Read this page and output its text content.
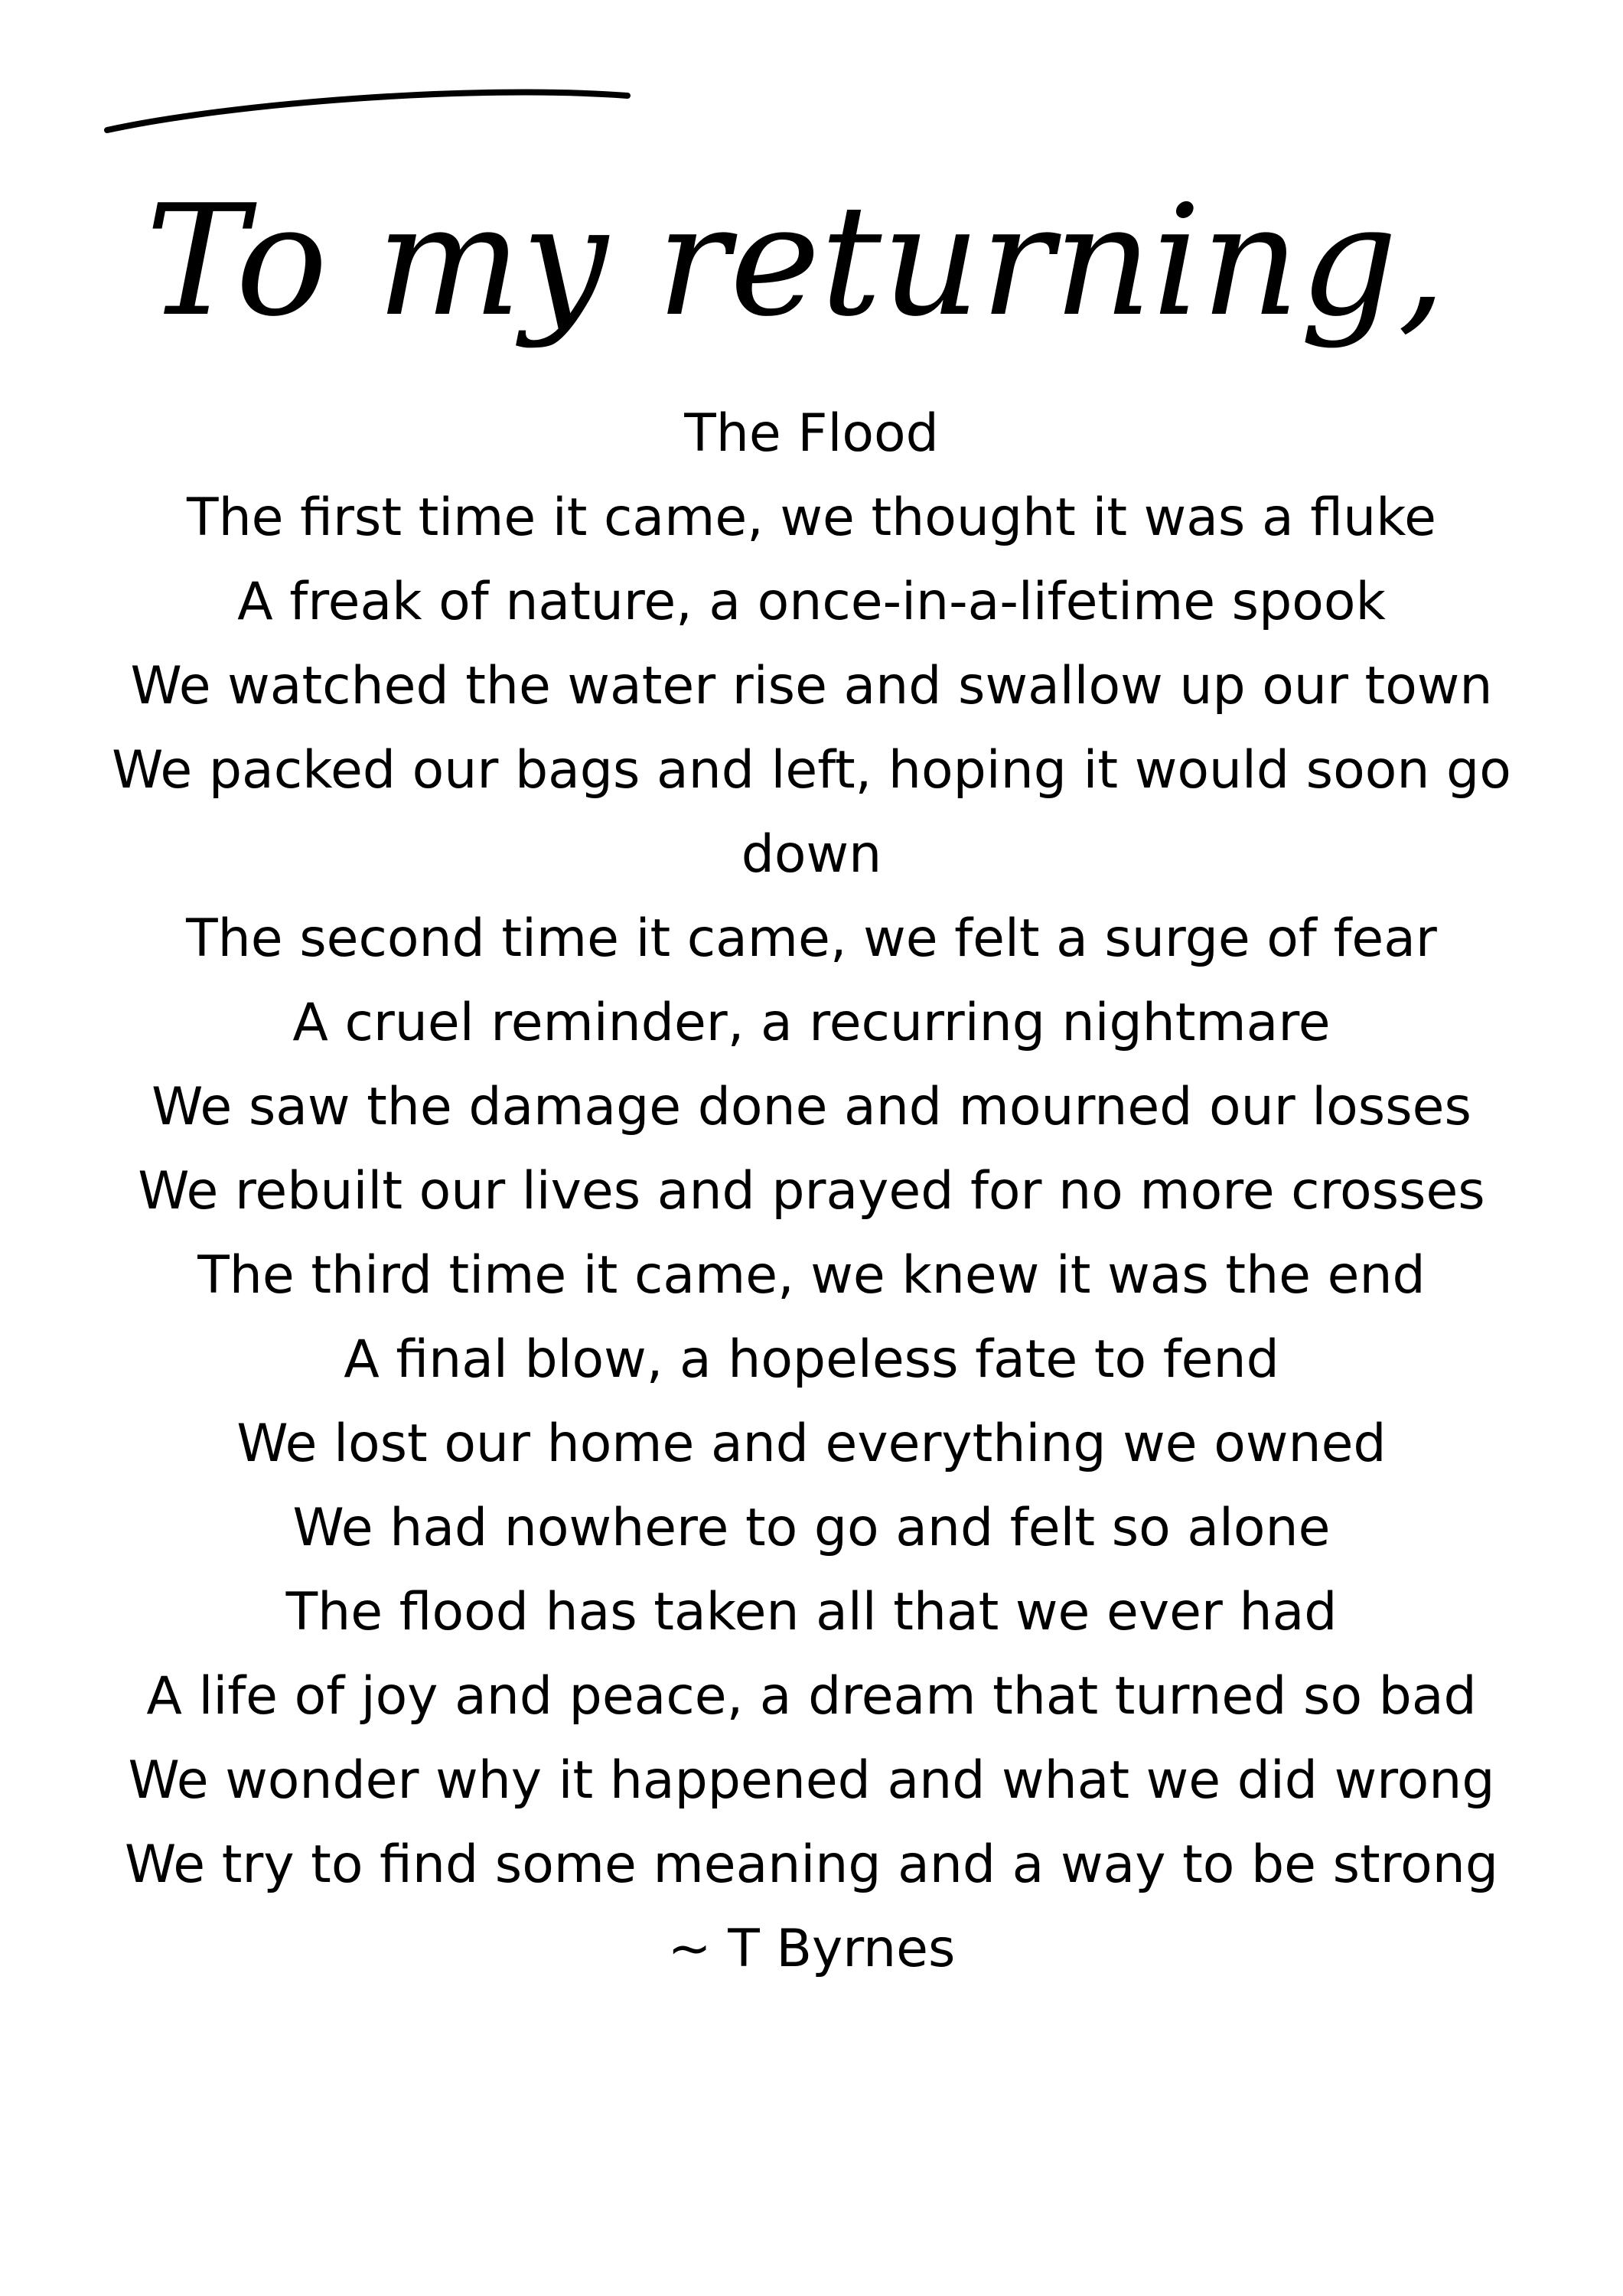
To my returning,
The Flood
The first time it came, we thought it was a fluke
A freak of nature, a once-in-a-lifetime spook
We watched the water rise and swallow up our town
We packed our bags and left, hoping it would soon go down
The second time it came, we felt a surge of fear
A cruel reminder, a recurring nightmare
We saw the damage done and mourned our losses
We rebuilt our lives and prayed for no more crosses
The third time it came, we knew it was the end
A final blow, a hopeless fate to fend
We lost our home and everything we owned
We had nowhere to go and felt so alone
The flood has taken all that we ever had
A life of joy and peace, a dream that turned so bad
We wonder why it happened and what we did wrong
We try to find some meaning and a way to be strong
~ T Byrnes
